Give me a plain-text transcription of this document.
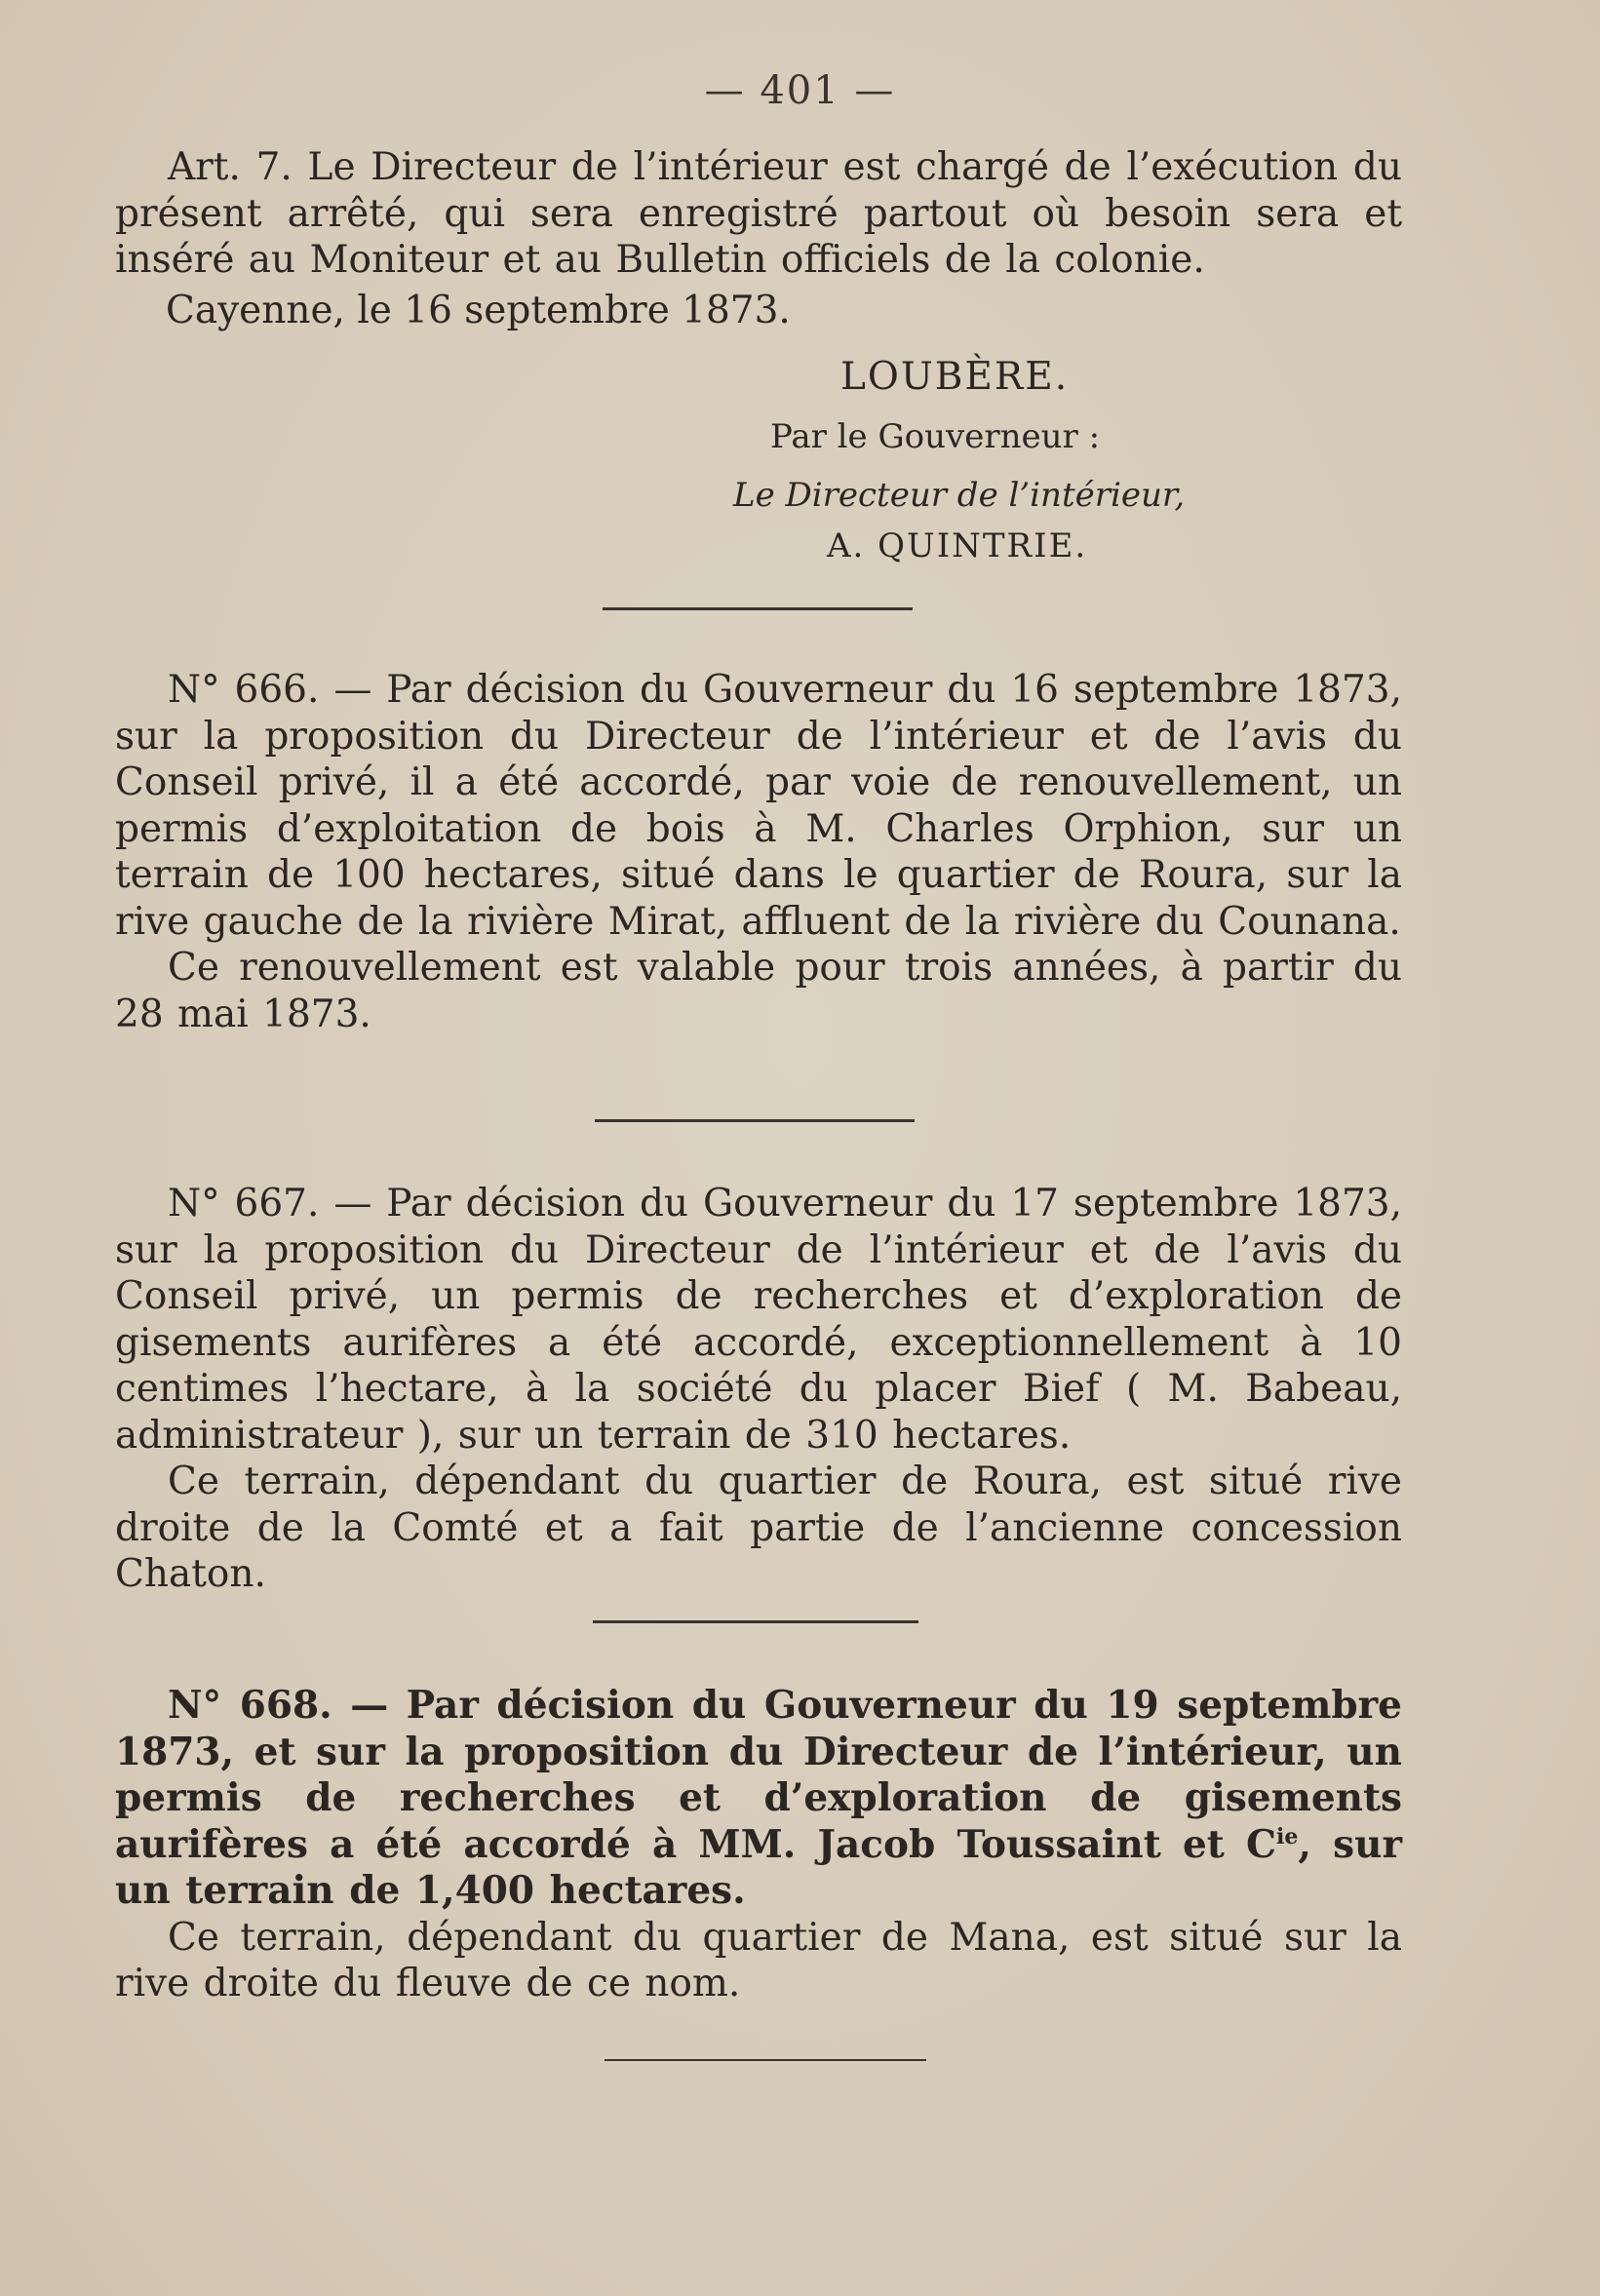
— 401 —

Art. 7. Le Directeur de l’intérieur est chargé de l’exécution du présent arrêté, qui sera enregistré partout où besoin sera et inséré au Moniteur et au Bulletin officiels de la colonie.

Cayenne, le 16 septembre 1873.
LOUBÈRE.
Par le Gouverneur :
Le Directeur de l’intérieur,
A. QUINTRIE.

N° 666. — Par décision du Gouverneur du 16 septembre 1873, sur la proposition du Directeur de l’intérieur et de l’avis du Conseil privé, il a été accordé, par voie de renouvellement, un permis d’exploitation de bois à M. Charles Orphion, sur un terrain de 100 hectares, situé dans le quartier de Roura, sur la rive gauche de la rivière Mirat, affluent de la rivière du Counana.

Ce renouvellement est valable pour trois années, à partir du 28 mai 1873.

N° 667. — Par décision du Gouverneur du 17 septembre 1873, sur la proposition du Directeur de l’intérieur et de l’avis du Conseil privé, un permis de recherches et d’exploration de gisements aurifères a été accordé, exceptionnellement à 10 centimes l’hectare, à la société du placer Bief ( M. Babeau, administrateur ), sur un terrain de 310 hectares.

Ce terrain, dépendant du quartier de Roura, est situé rive droite de la Comté et a fait partie de l’ancienne concession Chaton.

N° 668. — Par décision du Gouverneur du 19 septembre 1873, et sur la proposition du Directeur de l’intérieur, un permis de recherches et d’exploration de gisements aurifères a été accordé à MM. Jacob Toussaint et $C^{ie}$, sur un terrain de 1,400 hectares.

Ce terrain, dépendant du quartier de Mana, est situé sur la rive droite du fleuve de ce nom.
